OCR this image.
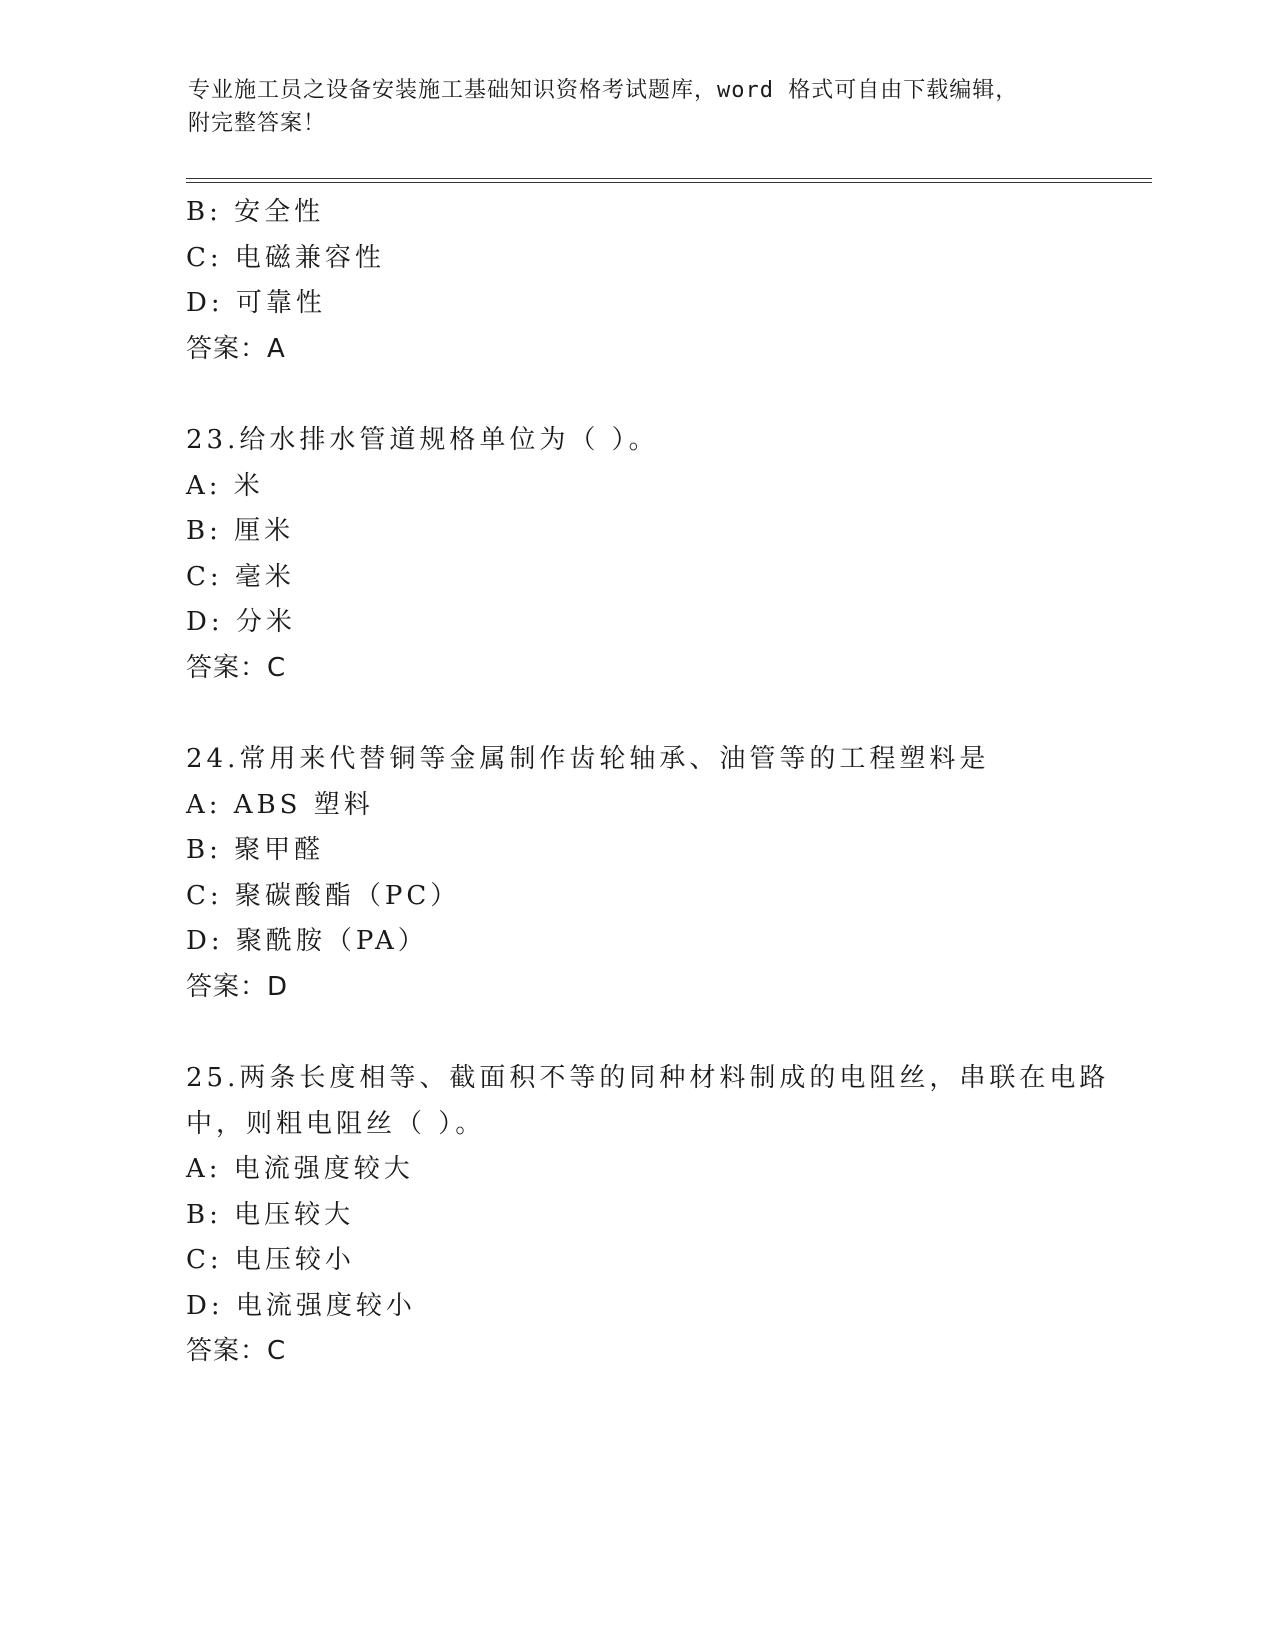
专业施工员之设备安装施工基础知识资格考试题库，word 格式可自由下载编辑，
附完整答案！
B: 安全性
C: 电磁兼容性
D: 可靠性
答案：A
23.给水排水管道规格单位为（ ）。
A: 米
B: 厘米
C: 毫米
D: 分米
答案：C
24.常用来代替铜等金属制作齿轮轴承、油管等的工程塑料是
A: ABS 塑料
B: 聚甲醛
C: 聚碳酸酯（PC）
D: 聚酰胺（PA）
答案：D
25.两条长度相等、截面积不等的同种材料制成的电阻丝，串联在电路
中，则粗电阻丝（ ）。
A: 电流强度较大
B: 电压较大
C: 电压较小
D: 电流强度较小
答案：C
